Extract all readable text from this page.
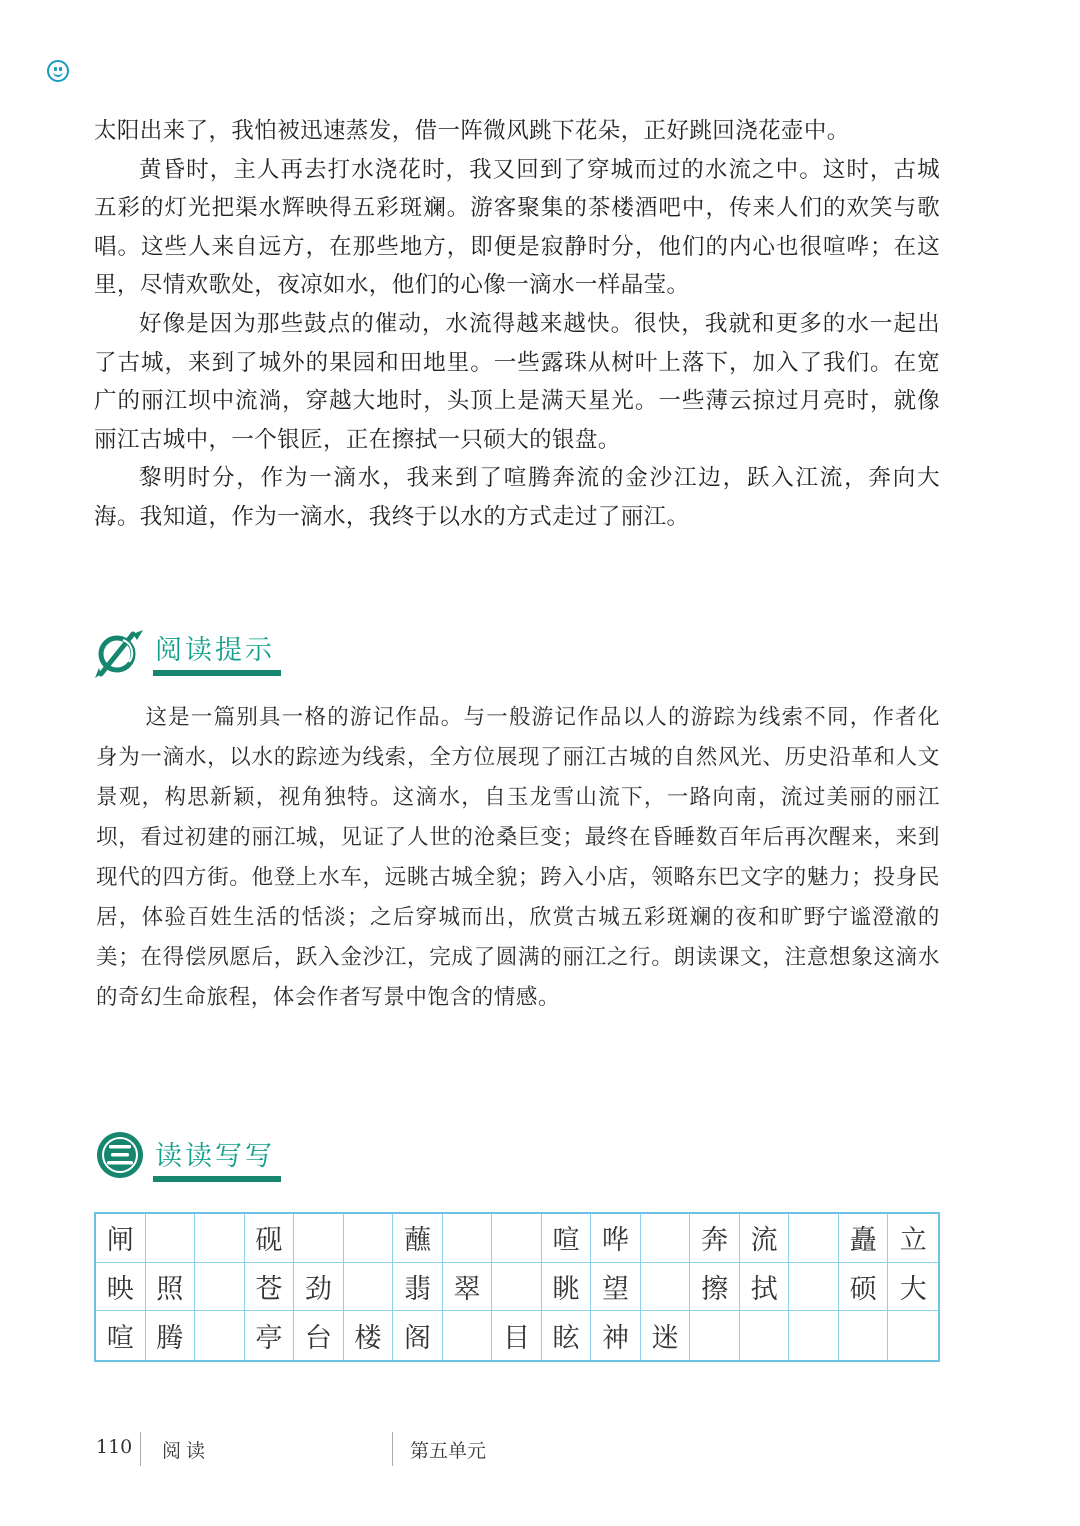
太阳出来了，我怕被迅速蒸发，借一阵微风跳下花朵，正好跳回浇花壶中。

黄昏时，主人再去打水浇花时，我又回到了穿城而过的水流之中。这时，古城五彩的灯光把渠水辉映得五彩斑斓。游客聚集的茶楼酒吧中，传来人们的欢笑与歌唱。这些人来自远方，在那些地方，即便是寂静时分，他们的内心也很喧哗；在这里，尽情欢歌处，夜凉如水，他们的心像一滴水一样晶莹。

好像是因为那些鼓点的催动，水流得越来越快。很快，我就和更多的水一起出了古城，来到了城外的果园和田地里。一些露珠从树叶上落下，加入了我们。在宽广的丽江坝中流淌，穿越大地时，头顶上是满天星光。一些薄云掠过月亮时，就像丽江古城中，一个银匠，正在擦拭一只硕大的银盘。

黎明时分，作为一滴水，我来到了喧腾奔流的金沙江边，跃入江流，奔向大海。我知道，作为一滴水，我终于以水的方式走过了丽江。

阅读提示

这是一篇别具一格的游记作品。与一般游记作品以人的游踪为线索不同，作者化身为一滴水，以水的踪迹为线索，全方位展现了丽江古城的自然风光、历史沿革和人文景观，构思新颖，视角独特。这滴水，自玉龙雪山流下，一路向南，流过美丽的丽江坝，看过初建的丽江城，见证了人世的沧桑巨变；最终在昏睡数百年后再次醒来，来到现代的四方街。他登上水车，远眺古城全貌；跨入小店，领略东巴文字的魅力；投身民居，体验百姓生活的恬淡；之后穿城而出，欣赏古城五彩斑斓的夜和旷野宁谧澄澈的美；在得偿夙愿后，跃入金沙江，完成了圆满的丽江之行。朗读课文，注意想象这滴水的奇幻生命旅程，体会作者写景中饱含的情感。

读读写写
闸	砚	蘸	喧 哗	奔 流	矗 立
映 照	苍 劲	翡 翠	眺 望	擦 拭	硕 大
喧 腾	亭 台 楼 阁	目 眩 神 迷
110 阅读	第五单元
